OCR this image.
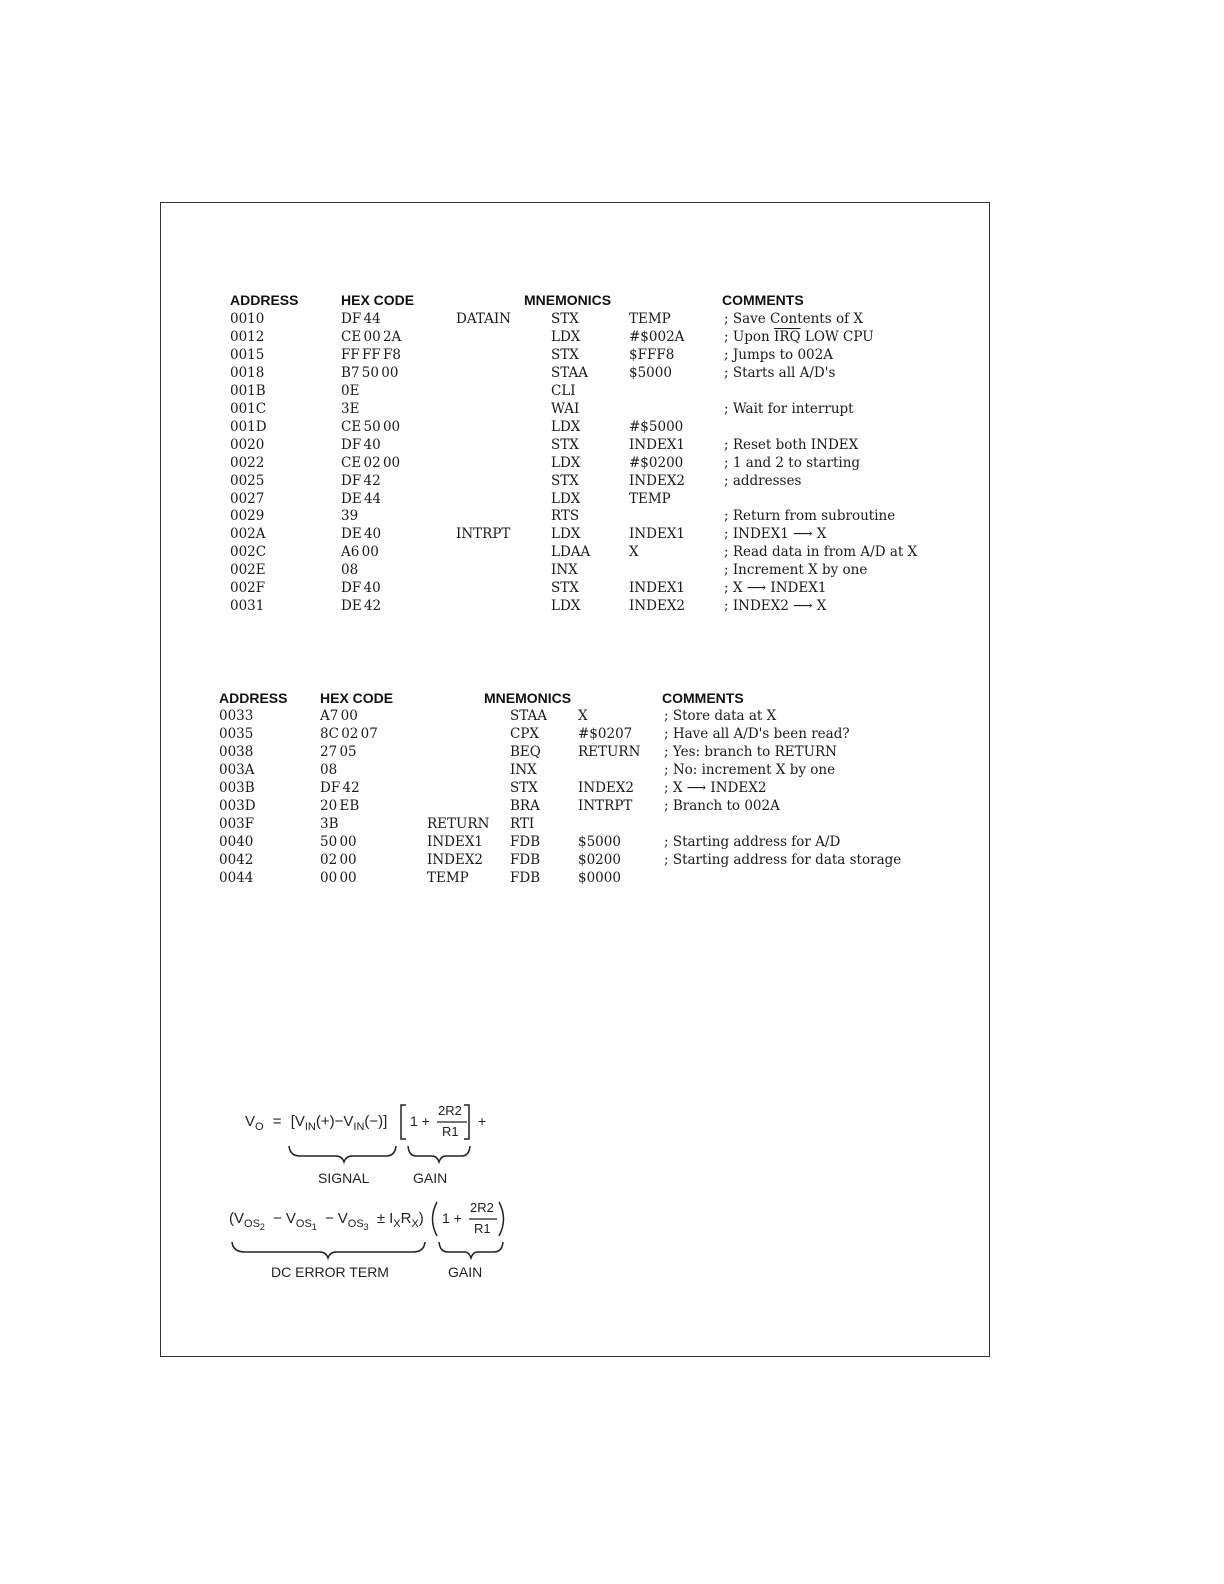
ADDRESS	HEX CODE	MNEMONICS	COMMENTS
0010	DF 44	DATAIN	STX	TEMP	; Save Contents of X
0012	CE 00 2A	LDX	#$002A	; Upon $\overline{IRQ}$ LOW CPU
0015	FF FF F8	STX	$FFF8	; Jumps to 002A
0018	B7 50 00	STAA	$5000	; Starts all A/D's
001B	0E	CLI
001C	3E	WAI	; Wait for interrupt
001D	CE 50 00	LDX	#$5000
0020	DF 40	STX	INDEX1	; Reset both INDEX
0022	CE 02 00	LDX	#$0200	; 1 and 2 to starting
0025	DF 42	STX	INDEX2	; addresses
0027	DE 44	LDX	TEMP
0029	39	RTS	; Return from subroutine
002A	DE 40	INTRPT	LDX	INDEX1	; INDEX1 ⟶ X
002C	A6 00	LDAA	X	; Read data in from A/D at X
002E	08	INX	; Increment X by one
002F	DF 40	STX	INDEX1	; X ⟶ INDEX1
0031	DE 42	LDX	INDEX2	; INDEX2 ⟶ X
ADDRESS HEX CODE	MNEMONICS	COMMENTS
0033	A7 00	STAA X	; Store data at X
0035	8C 02 07	CPX	#$0207 ; Have all A/D's been read?
0038	27 05	BEQ	RETURN ; Yes: branch to RETURN
003A	08	INX	; No: increment X by one
003B	DF 42	STX	INDEX2 ; X ⟶ INDEX2
003D	20 EB	BRA	INTRPT ; Branch to 002A
003F	3B	RETURN RTI
0040	50 00	INDEX1 FDB	$5000	; Starting address for A/D
0042	02 00	INDEX2 FDB	$0200	; Starting address for data storage
0044	00 00	TEMP	FDB	$0000
$V_O = [V_{IN}(+)-V_{IN}(-)] 1$ +
2R2
R1
+
SIGNAL	GAIN
$(V_{OS_2} - V_{OS_1} - V_{OS_3} \pm I_XR_X) 1$ +
2R2
R1
DC ERROR TERM	GAIN
